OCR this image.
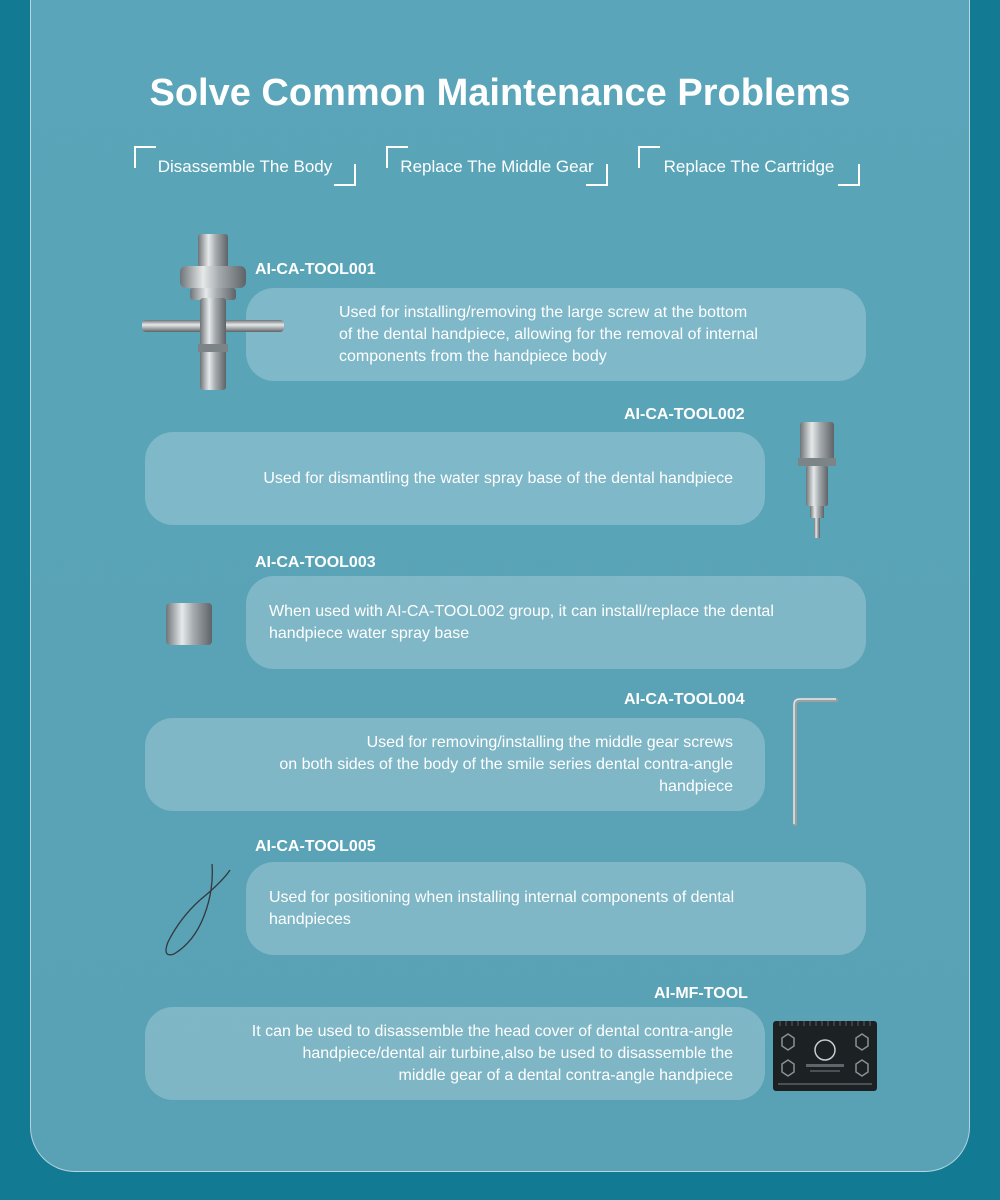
Solve Common Maintenance Problems
Disassemble The Body	Replace The Middle Gear	Replace The Cartridge
AI-CA-TOOL001

Used for installing/removing the large screw at the bottom
of the dental handpiece, allowing for the removal of internal
components from the handpiece body

AI-CA-TOOL002

Used for dismantling the water spray base of the dental handpiece

AI-CA-TOOL003

When used with AI-CA-TOOL002 group, it can install/replace the dental
handpiece water spray base

AI-CA-TOOL004

Used for removing/installing the middle gear screws
on both sides of the body of the smile series dental contra-angle
handpiece

AI-CA-TOOL005

Used for positioning when installing internal components of dental
handpieces

AI-MF-TOOL

It can be used to disassemble the head cover of dental contra-angle
handpiece/dental air turbine,also be used to disassemble the
middle gear of a dental contra-angle handpiece
